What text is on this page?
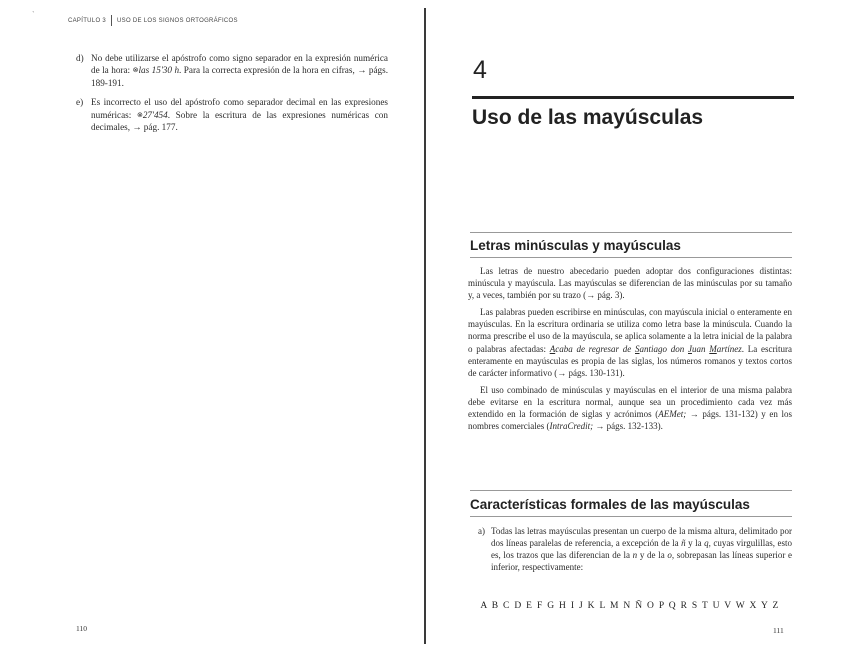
`
CAPÍTULO 3 USO DE LOS SIGNOS ORTOGRÁFICOS
d) No debe utilizarse el apóstrofo como signo separador en la expresión numérica de la hora: ⊗las 15'30 h. Para la correcta expresión de la hora en cifras, → págs. 189-191.
e) Es incorrecto el uso del apóstrofo como separador decimal en las expresiones numéricas: ⊗27'454. Sobre la escritura de las expresiones numéricas con decimales, → pág. 177.
110
4
Uso de las mayúsculas
Letras minúsculas y mayúsculas

Las letras de nuestro abecedario pueden adoptar dos configuraciones distintas: minúscula y mayúscula. Las mayúsculas se diferencian de las minúsculas por su tamaño y, a veces, también por su trazo (→ pág. 3).

Las palabras pueden escribirse en minúsculas, con mayúscula inicial o enteramente en mayúsculas. En la escritura ordinaria se utiliza como letra base la minúscula. Cuando la norma prescribe el uso de la mayúscula, se aplica solamente a la letra inicial de la palabra o palabras afectadas: Acaba de regresar de Santiago don Juan Martínez. La escritura enteramente en mayúsculas es propia de las siglas, los números romanos y textos cortos de carácter informativo (→ págs. 130-131).

El uso combinado de minúsculas y mayúsculas en el interior de una misma palabra debe evitarse en la escritura normal, aunque sea un procedimiento cada vez más extendido en la formación de siglas y acrónimos (AEMet; → págs. 131-132) y en los nombres comerciales (IntraCredit; → págs. 132-133).

Características formales de las mayúsculas
a) Todas las letras mayúsculas presentan un cuerpo de la misma altura, delimitado por dos líneas paralelas de referencia, a excepción de la ñ y la q, cuyas virgulillas, esto es, los trazos que las diferencian de la n y de la o, sobrepasan las líneas superior e inferior, respectivamente:
A B C D E F G H I J K L M N Ñ O P Q R S T U V W X Y Z
111
